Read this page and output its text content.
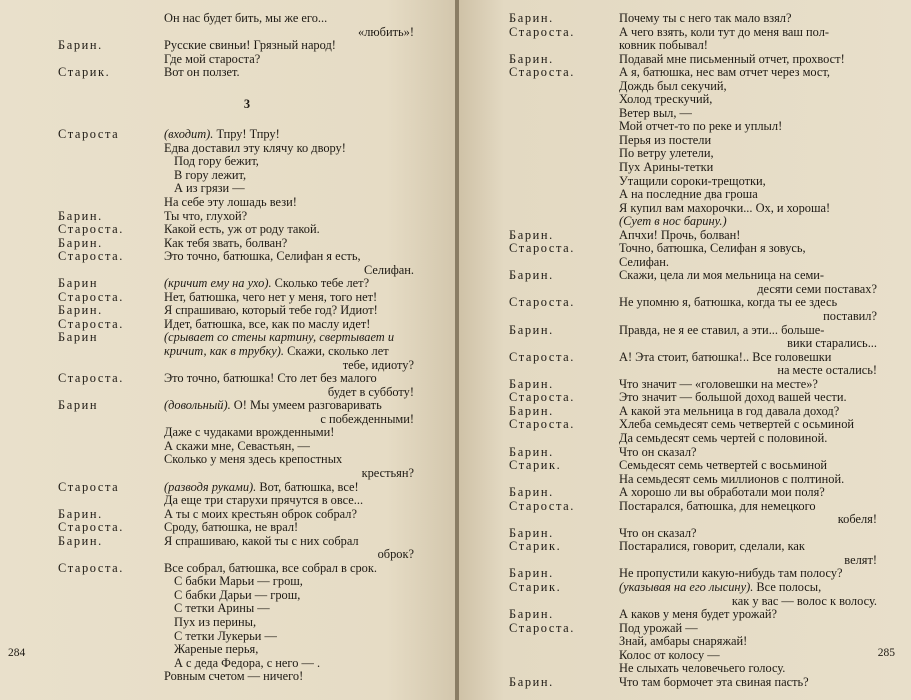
Он нас будет бить, мы же его...
«любить»!
Барин.	Русские свиньи! Грязный народ!
Где мой староста?
Старик.	Вот он ползет.
3
Староста	(входит). Тпру! Тпру!
Едва доставил эту клячу ко двору!
Под гору бежит,
В гору лежит,
А из грязи —
На себе эту лошадь вези!
Барин.	Ты что, глухой?
Староста.	Какой есть, уж от роду такой.
Барин.	Как тебя звать, болван?
Староста.	Это точно, батюшка, Селифан я есть,
Селифан.
Барин	(кричит ему на ухо). Сколько тебе лет?
Староста.	Нет, батюшка, чего нет у меня, того нет!
Барин.	Я спрашиваю, который тебе год? Идиот!
Староста.	Идет, батюшка, все, как по маслу идет!
Барин	(срывает со стены картину, свертывает и
кричит, как в трубку). Скажи, сколько лет
тебе, идиоту?
Староста.	Это точно, батюшка! Сто лет без малого
будет в субботу!
Барин	(довольный). О! Мы умеем разговаривать
с побежденными!
Даже с чудаками врожденными!
А скажи мне, Севастьян, —
Сколько у меня здесь крепостных
крестьян?
Староста	(разводя руками). Вот, батюшка, все!
Да еще три старухи прячутся в овсе...
Барин.	А ты с моих крестьян оброк собрал?
Староста.	Сроду, батюшка, не врал!
Барин.	Я спрашиваю, какой ты с них собрал
оброк?
Староста.	Все собрал, батюшка, все собрал в срок.
С бабки Марьи — грош,
С бабки Дарьи — грош,
С тетки Арины —
Пух из перины,
С тетки Лукерьи —
Жареные перья,
А с деда Федора, с него — .
Ровным счетом — ничего!
284
Барин.	Почему ты с него так мало взял?
Староста.	А чего взять, коли тут до меня ваш пол-
ковник побывал!
Барин.	Подавай мне письменный отчет, прохвост!
Староста.	А я, батюшка, нес вам отчет через мост,
Дождь был секучий,
Холод трескучий,
Ветер выл, —
Мой отчет-то по реке и уплыл!
Перья из постели
По ветру улетели,
Пух Арины-тетки
Утащили сороки-трещотки,
А на последние два гроша
Я купил вам махорочки... Ох, и хороша!
(Сует в нос барину.)
Барин.	Апчхи! Прочь, болван!
Староста.	Точно, батюшка, Селифан я зовусь,
Селифан.
Барин.	Скажи, цела ли моя мельница на семи-
десяти семи поставах?
Староста.	Не упомню я, батюшка, когда ты ее здесь
поставил?
Барин.	Правда, не я ее ставил, а эти... больше-
вики старались...
Староста.	А! Эта стоит, батюшка!.. Все головешки
на месте остались!
Барин.	Что значит — «головешки на месте»?
Староста.	Это значит — большой доход вашей чести.
Барин.	А какой эта мельница в год давала доход?
Староста.	Хлеба семьдесят семь четвертей с осьминой
Да семьдесят семь чертей с половиной.
Барин.	Что он сказал?
Старик.	Семьдесят семь четвертей с восьминой
На семьдесят семь миллионов с полтиной.
Барин.	А хорошо ли вы обработали мои поля?
Староста.	Постарался, батюшка, для немецкого
кобеля!
Барин.	Что он сказал?
Старик.	Постаралися, говорит, сделали, как
велят!
Барин.	Не пропустили какую-нибудь там полосу?
Старик.	(указывая на его лысину). Все полосы,
как у вас — волос к волосу.
Барин.	А каков у меня будет урожай?
Староста.	Под урожай —
Знай, амбары снаряжай!
Колос от колосу —
Не слыхать человечьего голосу.
Барин.	Что там бормочет эта свиная пасть?
285
